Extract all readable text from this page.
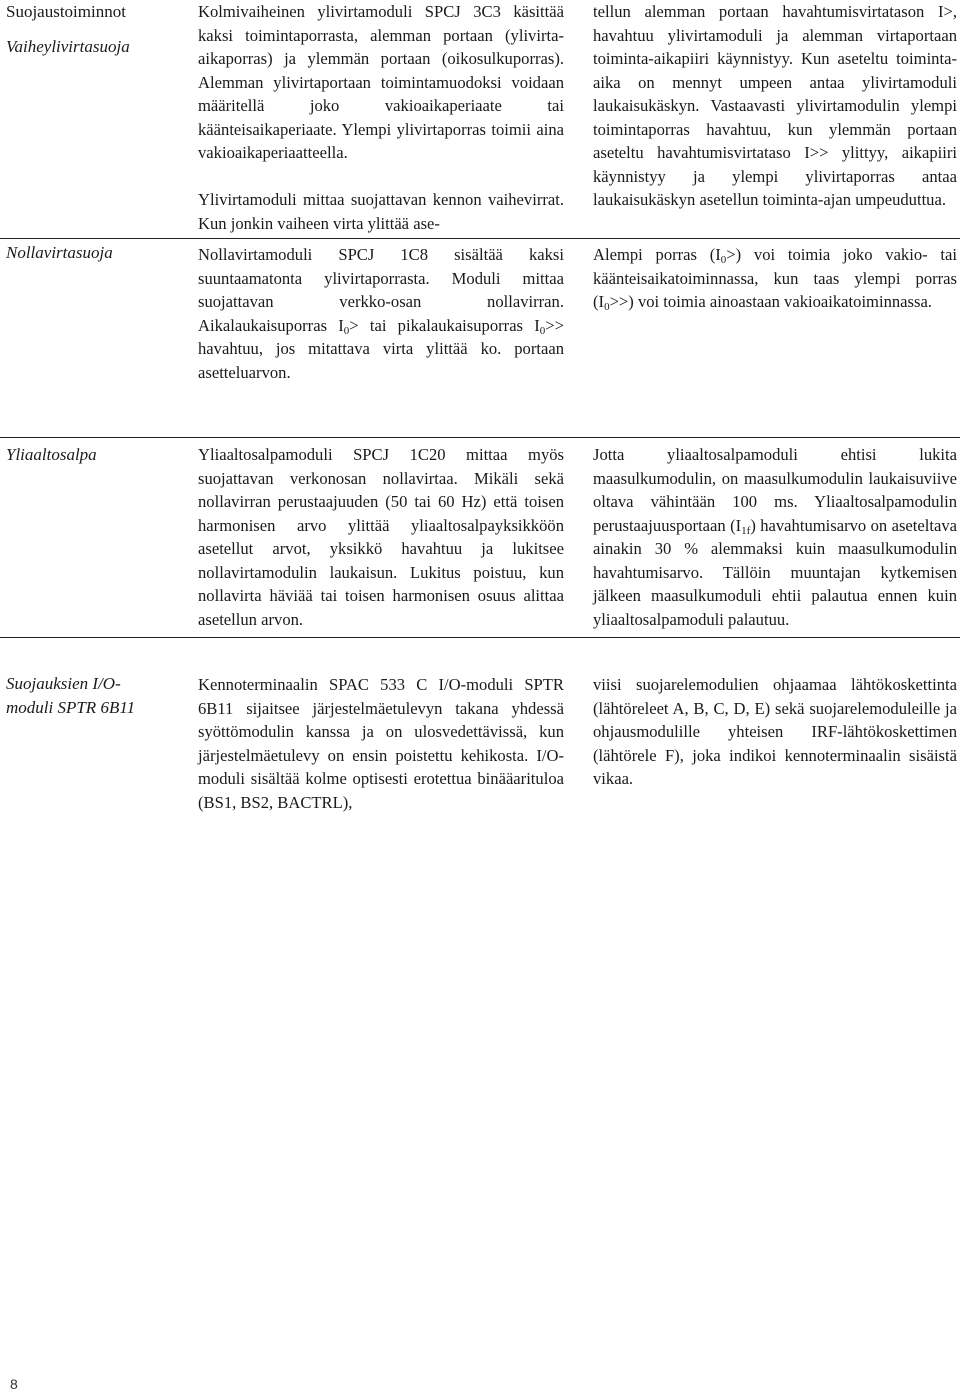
Suojaustoiminnot
Vaiheylivirtasuoja

Kolmivaiheinen ylivirtamoduli SPCJ 3C3 käsittää kaksi toimintaporrasta, alemman portaan (ylivirta-aikaporras) ja ylemmän portaan (oikosulkuporras). Alemman ylivirtaportaan toimintamuodoksi voidaan määritellä joko vakioaikaperiaate tai käänteisaikaperiaate. Ylempi ylivirtaporras toimii aina vakioaikaperiaatteella.

Ylivirtamoduli mittaa suojattavan kennon vaihevirrat. Kun jonkin vaiheen virta ylittää ase-

tellun alemman portaan havahtumisvirtatason I>, havahtuu ylivirtamoduli ja alemman virtaportaan toiminta-aikapiiri käynnistyy. Kun aseteltu toiminta-aika on mennyt umpeen antaa ylivirtamoduli laukaisukäskyn. Vastaavasti ylivirtamodulin ylempi toimintaporras havahtuu, kun ylemmän portaan aseteltu havahtumisvirtataso I>> ylittyy, aikapiiri käynnistyy ja ylempi ylivirtaporras antaa laukaisukäskyn asetellun toiminta-ajan umpeuduttua.

Nollavirtasuoja	Nollavirtamoduli SPCJ 1C8 sisältää kaksi suuntaamatonta ylivirtaporrasta. Moduli mittaa suojattavan verkko-osan nollavirran. Aikalaukaisuporras $I_0>$ tai pikalaukaisuporras $I_0>>$ havahtuu, jos mitattava virta ylittää ko. portaan asetteluarvon.

Alempi porras $(I_0>)$ voi toimia joko vakio- tai käänteisaikatoiminnassa, kun taas ylempi porras $(I_0>>)$ voi toimia ainoastaan vakioaikatoiminnassa.

Yliaaltosalpa	Yliaaltosalpamoduli SPCJ 1C20 mittaa myös suojattavan verkonosan nollavirtaa. Mikäli sekä nollavirran perustaajuuden (50 tai 60 Hz) että toisen harmonisen arvo ylittää yliaaltosalpayksikköön asetellut arvot, yksikkö havahtuu ja lukitsee nollavirtamodulin laukaisun. Lukitus poistuu, kun nollavirta häviää tai toisen harmonisen osuus alittaa asetellun arvon.

Jotta yliaaltosalpamoduli ehtisi lukita maasulkumodulin, on maasulkumodulin laukaisuviive oltava vähintään 100 ms. Yliaaltosalpamodulin perustaajuusportaan $(I_{1f})$ havahtumisarvo on aseteltava ainakin 30 % alemmaksi kuin maasulkumodulin havahtumisarvo. Tällöin muuntajan kytkemisen jälkeen maasulkumoduli ehtii palautua ennen kuin yliaaltosalpamoduli palautuu.

Suojauksien I/O-moduli SPTR 6B11

Kennoterminaalin SPAC 533 C I/O-moduli SPTR 6B11 sijaitsee järjestelmäetulevyn takana yhdessä syöttömodulin kanssa ja on ulosvedettävissä, kun järjestelmäetulevy on ensin poistettu kehikosta. I/O-moduli sisältää kolme optisesti erotettua binääarituloa (BS1, BS2, BACTRL),

viisi suojarelemodulien ohjaamaa lähtökoskettinta (lähtöreleet A, B, C, D, E) sekä suojarelemoduleille ja ohjausmodulille yhteisen IRF-lähtökoskettimen (lähtörele F), joka indikoi kennoterminaalin sisäistä vikaa.

8
